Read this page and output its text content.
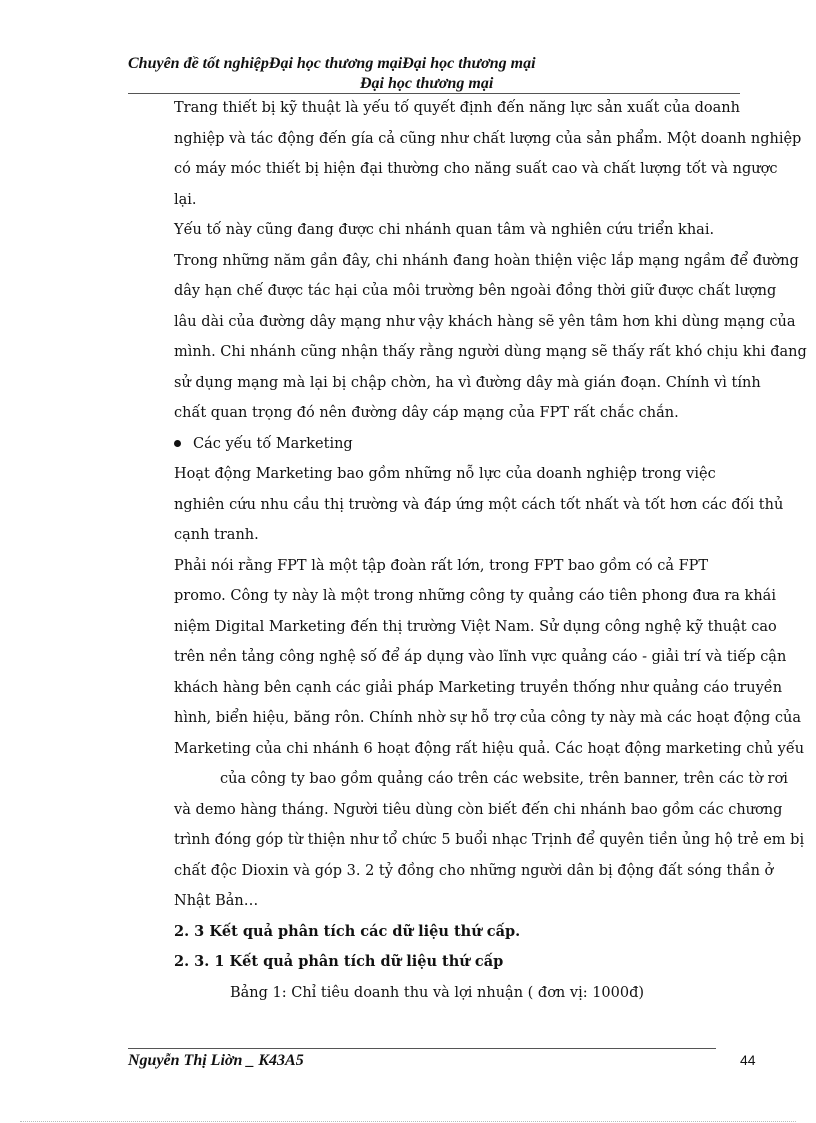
Chuyên đề tốt nghiệpĐại học thương mạiĐại học thương mại
Đại học thương mại

Trang thiết bị kỹ thuật là yếu tố quyết định đến năng lực sản xuất của doanh
nghiệp và tác động đến gía cả cũng như chất lượng của sản phẩm. Một doanh nghiệp
có máy móc thiết bị hiện đại thường cho năng suất cao và chất lượng tốt và ngược
lại.

Yếu tố này cũng đang được chi nhánh quan tâm và nghiên cứu triển khai.
Trong những năm gần đây, chi nhánh đang hoàn thiện việc lắp mạng ngầm để đường
dây hạn chế được tác hại của môi trường bên ngoài đồng thời giữ được chất lượng
lâu dài của đường dây mạng như vậy khách hàng sẽ yên tâm hơn khi dùng mạng của
mình. Chi nhánh cũng nhận thấy rằng người dùng mạng sẽ thấy rất khó chịu khi đang
sử dụng mạng mà lại bị chập chờn, ha vì đường dây mà gián đoạn. Chính vì tính
chất quan trọng đó nên đường dây cáp mạng của FPT rất chắc chắn.

Các yếu tố Marketing

Hoạt động Marketing bao gồm những nỗ lực của doanh nghiệp trong việc
nghiên cứu nhu cầu thị trường và đáp ứng một cách tốt nhất và tốt hơn các đối thủ
cạnh tranh.

Phải nói rằng FPT là một tập đoàn rất lớn, trong FPT bao gồm có cả FPT
promo. Công ty này là một trong những công ty quảng cáo tiên phong đưa ra khái
niệm Digital Marketing đến thị trường Việt Nam. Sử dụng công nghệ kỹ thuật cao
trên nền tảng công nghệ số để áp dụng vào lĩnh vực quảng cáo - giải trí và tiếp cận
khách hàng bên cạnh các giải pháp Marketing truyền thống như quảng cáo truyền
hình, biển hiệu, băng rôn. Chính nhờ sự hỗ trợ của công ty này mà các hoạt động của
Marketing của chi nhánh 6 hoạt động rất hiệu quả. Các hoạt động marketing chủ yếu
của công ty bao gồm quảng cáo trên các website, trên banner, trên các tờ rơi
và demo hàng tháng. Người tiêu dùng còn biết đến chi nhánh bao gồm các chương
trình đóng góp từ thiện như tổ chức 5 buổi nhạc Trịnh để quyên tiền ủng hộ trẻ em bị
chất độc Dioxin và góp 3. 2 tỷ đồng cho những người dân bị động đất sóng thần ở
Nhật Bản…

2. 3 Kết quả phân tích các dữ liệu thứ cấp.

2. 3. 1 Kết quả phân tích dữ liệu thứ cấp

Bảng 1: Chỉ tiêu doanh thu và lợi nhuận ( đơn vị: 1000đ)

Nguyễn Thị Liờn _ K43A5	44
